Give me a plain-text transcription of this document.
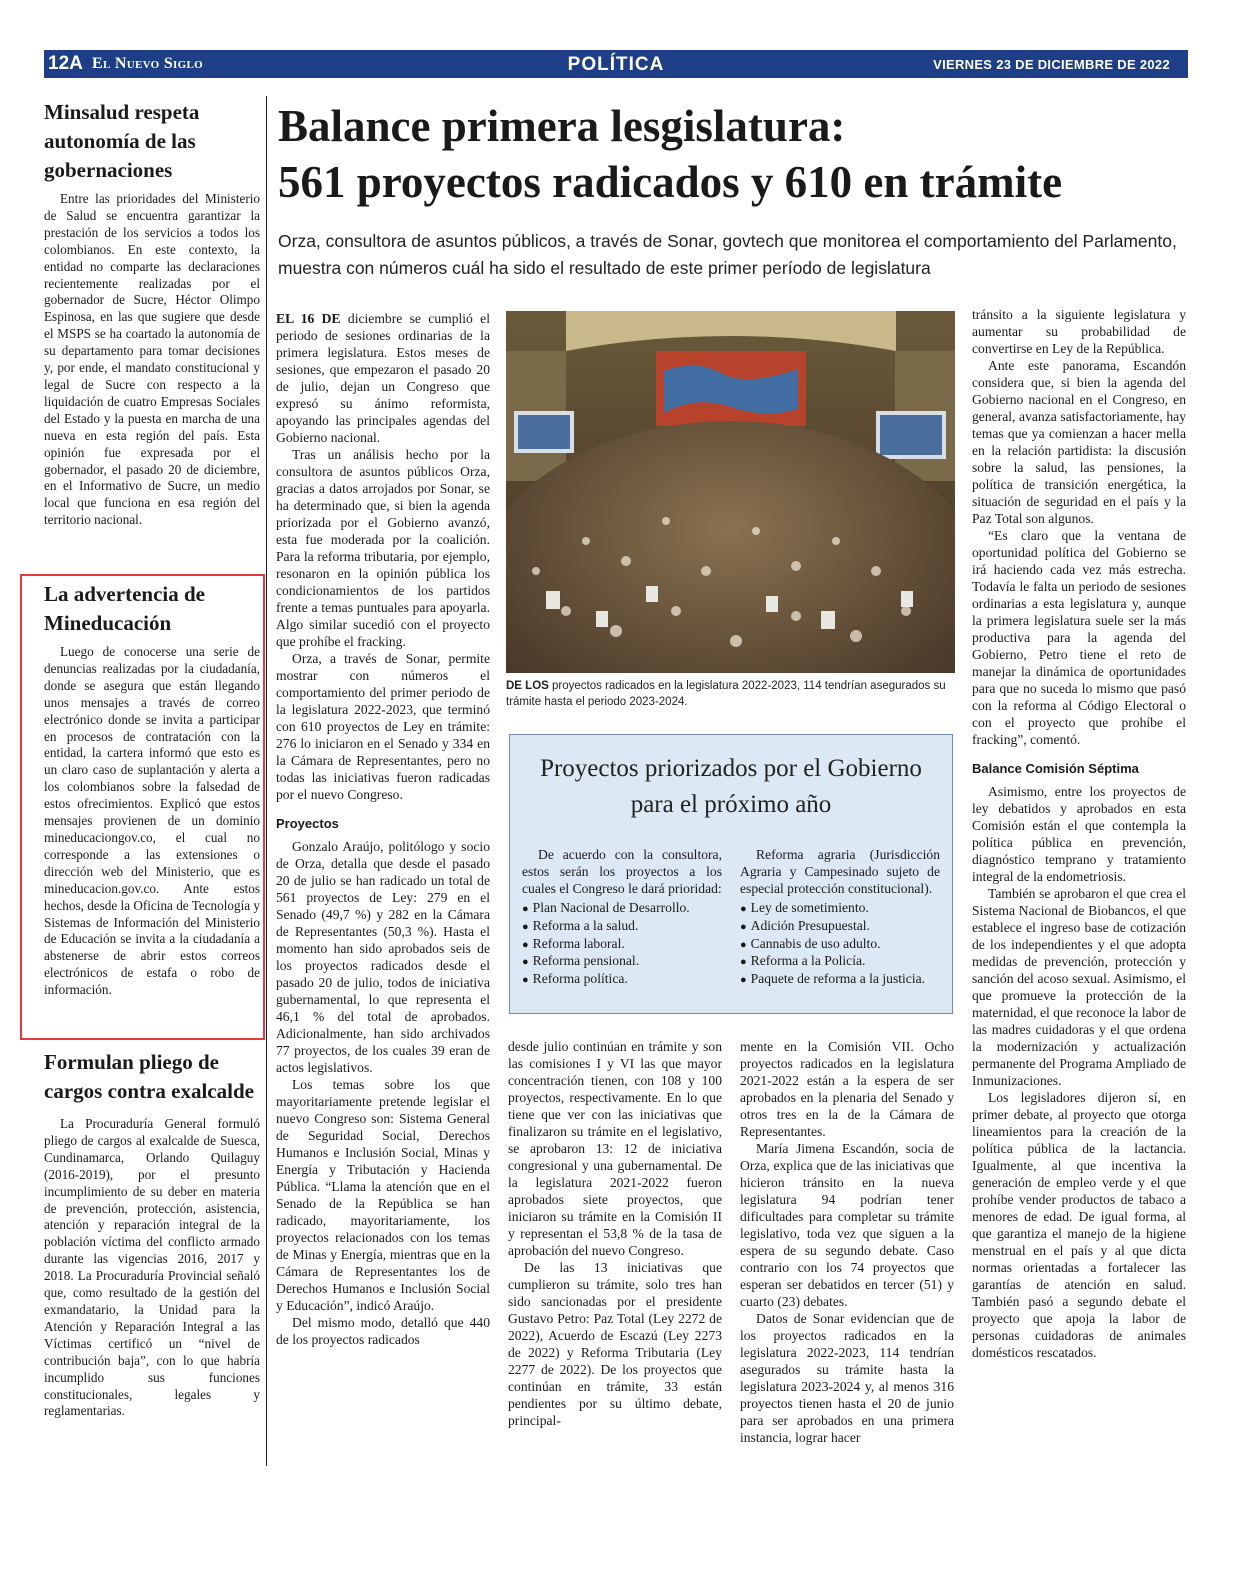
12A El Nuevo Siglo	POLÍTICA	VIERNES 23 DE DICIEMBRE DE 2022
Minsalud respeta autonomía de las gobernaciones

Entre las prioridades del Ministerio de Salud se encuentra garantizar la prestación de los servicios a todos los colombianos. En este contexto, la entidad no comparte las declaraciones recientemente realizadas por el gobernador de Sucre, Héctor Olimpo Espinosa, en las que sugiere que desde el MSPS se ha coartado la autonomía de su departamento para tomar decisiones y, por ende, el mandato constitucional y legal de Sucre con respecto a la liquidación de cuatro Empresas Sociales del Estado y la puesta en marcha de una nueva en esta región del país. Esta opinión fue expresada por el gobernador, el pasado 20 de diciembre, en el Informativo de Sucre, un medio local que funciona en esa región del territorio nacional.

La advertencia de Mineducación

Luego de conocerse una serie de denuncias realizadas por la ciudadanía, donde se asegura que están llegando unos mensajes a través de correo electrónico donde se invita a participar en procesos de contratación con la entidad, la cartera informó que esto es un claro caso de suplantación y alerta a los colombianos sobre la falsedad de estos ofrecimientos. Explicó que estos mensajes provienen de un dominio mineducaciongov.co, el cual no corresponde a las extensiones o dirección web del Ministerio, que es mineducacion.gov.co. Ante estos hechos, desde la Oficina de Tecnología y Sistemas de Información del Ministerio de Educación se invita a la ciudadanía a abstenerse de abrir estos correos electrónicos de estafa o robo de información.

Formulan pliego de cargos contra exalcalde

La Procuraduría General formuló pliego de cargos al exalcalde de Suesca, Cundinamarca, Orlando Quilaguy (2016-2019), por el presunto incumplimiento de su deber en materia de prevención, protección, asistencia, atención y reparación integral de la población víctima del conflicto armado durante las vigencias 2016, 2017 y 2018. La Procuraduría Provincial señaló que, como resultado de la gestión del exmandatario, la Unidad para la Atención y Reparación Integral a las Víctimas certificó un “nivel de contribución baja”, con lo que habría incumplido sus funciones constitucionales, legales y reglamentarias.

Balance primera lesgislatura:
561 proyectos radicados y 610 en trámite

Orza, consultora de asuntos públicos, a través de Sonar, govtech que monitorea el comportamiento del Parlamento, muestra con números cuál ha sido el resultado de este primer período de legislatura

EL 16 DE diciembre se cumplió el periodo de sesiones ordinarias de la primera legislatura. Estos meses de sesiones, que empezaron el pasado 20 de julio, dejan un Congreso que expresó su ánimo reformista, apoyando las principales agendas del Gobierno nacional.

Tras un análisis hecho por la consultora de asuntos públicos Orza, gracias a datos arrojados por Sonar, se ha determinado que, si bien la agenda priorizada por el Gobierno avanzó, esta fue moderada por la coalición. Para la reforma tributaria, por ejemplo, resonaron en la opinión pública los condicionamientos de los partidos frente a temas puntuales para apoyarla. Algo similar sucedió con el proyecto que prohíbe el fracking.

Orza, a través de Sonar, permite mostrar con números el comportamiento del primer periodo de la legislatura 2022-2023, que terminó con 610 proyectos de Ley en trámite: 276 lo iniciaron en el Senado y 334 en la Cámara de Representantes, pero no todas las iniciativas fueron radicadas por el nuevo Congreso.

Proyectos

Gonzalo Araújo, politólogo y socio de Orza, detalla que desde el pasado 20 de julio se han radicado un total de 561 proyectos de Ley: 279 en el Senado (49,7 %) y 282 en la Cámara de Representantes (50,3 %). Hasta el momento han sido aprobados seis de los proyectos radicados desde el pasado 20 de julio, todos de iniciativa gubernamental, lo que representa el 46,1 % del total de aprobados. Adicionalmente, han sido archivados 77 proyectos, de los cuales 39 eran de actos legislativos.

Los temas sobre los que mayoritariamente pretende legislar el nuevo Congreso son: Sistema General de Seguridad Social, Derechos Humanos e Inclusión Social, Minas y Energía y Tributación y Hacienda Pública. “Llama la atención que en el Senado de la República se han radicado, mayoritariamente, los proyectos relacionados con los temas de Minas y Energía, mientras que en la Cámara de Representantes los de Derechos Humanos e Inclusión Social y Educación”, indicó Araújo.

Del mismo modo, detalló que 440 de los proyectos radicados

DE LOS proyectos radicados en la legislatura 2022-2023, 114 tendrían asegurados su trámite hasta el periodo 2023-2024.

Proyectos priorizados por el Gobierno para el próximo año

De acuerdo con la consultora, estos serán los proyectos a los cuales el Congreso le dará prioridad:

● Plan Nacional de Desarrollo.
● Reforma a la salud.
● Reforma laboral.
● Reforma pensional.
● Reforma política.

Reforma agraria (Jurisdicción Agraria y Campesinado sujeto de especial protección constitucional).

● Ley de sometimiento.
● Adición Presupuestal.
● Cannabis de uso adulto.
● Reforma a la Policía.
● Paquete de reforma a la justicia.

desde julio continúan en trámite y son las comisiones I y VI las que mayor concentración tienen, con 108 y 100 proyectos, respectivamente. En lo que tiene que ver con las iniciativas que finalizaron su trámite en el legislativo, se aprobaron 13: 12 de iniciativa congresional y una gubernamental. De la legislatura 2021-2022 fueron aprobados siete proyectos, que iniciaron su trámite en la Comisión II y representan el 53,8 % de la tasa de aprobación del nuevo Congreso.

De las 13 iniciativas que cumplieron su trámite, solo tres han sido sancionadas por el presidente Gustavo Petro: Paz Total (Ley 2272 de 2022), Acuerdo de Escazú (Ley 2273 de 2022) y Reforma Tributaria (Ley 2277 de 2022). De los proyectos que continúan en trámite, 33 están pendientes por su último debate, principal-

mente en la Comisión VII. Ocho proyectos radicados en la legislatura 2021-2022 están a la espera de ser aprobados en la plenaria del Senado y otros tres en la de la Cámara de Representantes.

María Jimena Escandón, socia de Orza, explica que de las iniciativas que hicieron tránsito en la nueva legislatura 94 podrían tener dificultades para completar su trámite legislativo, toda vez que siguen a la espera de su segundo debate. Caso contrario con los 74 proyectos que esperan ser debatidos en tercer (51) y cuarto (23) debates.

Datos de Sonar evidencian que de los proyectos radicados en la legislatura 2022-2023, 114 tendrían asegurados su trámite hasta la legislatura 2023-2024 y, al menos 316 proyectos tienen hasta el 20 de junio para ser aprobados en una primera instancia, lograr hacer

tránsito a la siguiente legislatura y aumentar su probabilidad de convertirse en Ley de la República.

Ante este panorama, Escandón considera que, si bien la agenda del Gobierno nacional en el Congreso, en general, avanza satisfactoriamente, hay temas que ya comienzan a hacer mella en la relación partidista: la discusión sobre la salud, las pensiones, la política de transición energética, la situación de seguridad en el país y la Paz Total son algunos.

“Es claro que la ventana de oportunidad política del Gobierno se irá haciendo cada vez más estrecha. Todavía le falta un periodo de sesiones ordinarias a esta legislatura y, aunque la primera legislatura suele ser la más productiva para la agenda del Gobierno, Petro tiene el reto de manejar la dinámica de oportunidades para que no suceda lo mismo que pasó con la reforma al Código Electoral o con el proyecto que prohíbe el fracking”, comentó.

Balance Comisión Séptima

Asimismo, entre los proyectos de ley debatidos y aprobados en esta Comisión están el que contempla la política pública en prevención, diagnóstico temprano y tratamiento integral de la endometriosis.

También se aprobaron el que crea el Sistema Nacional de Biobancos, el que establece el ingreso base de cotización de los independientes y el que adopta medidas de prevención, protección y sanción del acoso sexual. Asimismo, el que promueve la protección de la maternidad, el que reconoce la labor de las madres cuidadoras y el que ordena la modernización y actualización permanente del Programa Ampliado de Inmunizaciones.

Los legisladores dijeron sí, en primer debate, al proyecto que otorga lineamientos para la creación de la política pública de la lactancia. Igualmente, al que incentiva la generación de empleo verde y el que prohíbe vender productos de tabaco a menores de edad. De igual forma, al que garantiza el manejo de la higiene menstrual en el país y al que dicta normas orientadas a fortalecer las garantías de atención en salud. También pasó a segundo debate el proyecto que apoja la labor de personas cuidadoras de animales domésticos rescatados.
